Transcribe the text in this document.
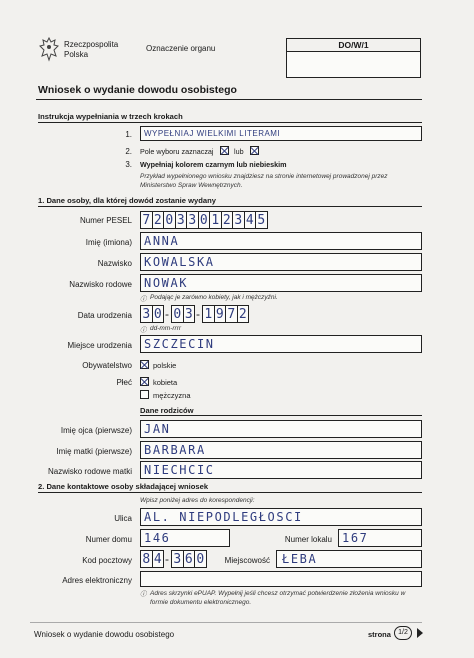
Rzeczpospolita
Polska
Oznaczenie organu	DO/W/1
Wniosek o wydanie dowodu osobistego
Instrukcja wypełniania w trzech krokach
1. WYPEŁNIAJ WIELKIMI LITERAMI
2. Pole wyboru zaznaczaj	lub
3. Wypełniaj kolorem czarnym lub niebieskim
Przykład wypełnionego wniosku znajdziesz na stronie internetowej prowadzonej przez Ministerstwo Spraw Wewnętrznych.
1. Dane osoby, dla której dowód zostanie wydany
Numer PESEL 7 2 0 3 3 0 1 2 3 4 5
Imię (imiona) ANNA
Nazwisko KOWALSKA
Nazwisko rodowe NOWAK
ⓘ Podając je zarówno kobiety, jak i mężczyźni.
Data urodzenia 3 0 - 0 3 - 1 9 7 2
ⓘ dd-mm-rrrr
Miejsce urodzenia SZCZECIN
Obywatelstwo	polskie
Płeć	kobieta
mężczyzna
Dane rodziców
Imię ojca (pierwsze) JAN
Imię matki (pierwsze) BARBARA
Nazwisko rodowe matki NIECHCIC
2. Dane kontaktowe osoby składającej wniosek
Wpisz poniżej adres do korespondencji:
Ulica AL. NIEPODLEGŁOSCI
Numer domu 146	Numer lokalu 167
Kod pocztowy 8 4 - 3 6 0	Miejscowość ŁEBA
Adres elektroniczny
ⓘ Adres skrzynki ePUAP. Wypełnij jeśli chcesz otrzymać potwierdzenie złożenia wniosku w formie dokumentu elektronicznego.
Wniosek o wydanie dowodu osobistego	strona	1/2
